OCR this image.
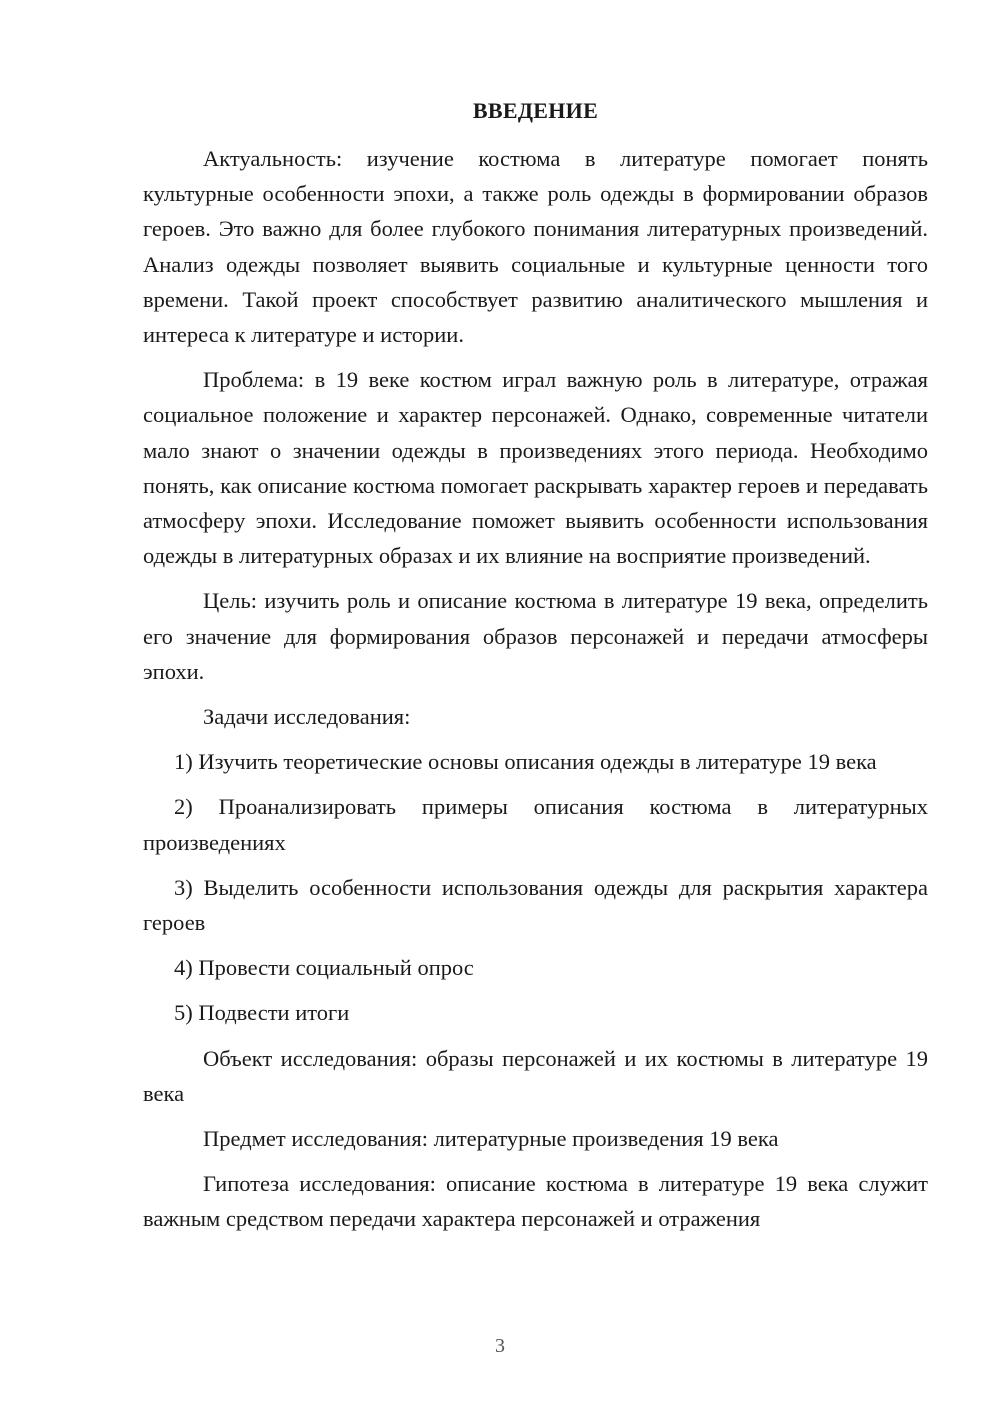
ВВЕДЕНИЕ

Актуальность: изучение костюма в литературе помогает понять культурные особенности эпохи, а также роль одежды в формировании образов героев. Это важно для более глубокого понимания литературных произведений. Анализ одежды позволяет выявить социальные и культурные ценности того времени. Такой проект способствует развитию аналитического мышления и интереса к литературе и истории.

Проблема: в 19 веке костюм играл важную роль в литературе, отражая социальное положение и характер персонажей. Однако, современные читатели мало знают о значении одежды в произведениях этого периода. Необходимо понять, как описание костюма помогает раскрывать характер героев и передавать атмосферу эпохи. Исследование поможет выявить особенности использования одежды в литературных образах и их влияние на восприятие произведений.

Цель: изучить роль и описание костюма в литературе 19 века, определить его значение для формирования образов персонажей и передачи атмосферы эпохи.

Задачи исследования:

1) Изучить теоретические основы описания одежды в литературе 19 века

2) Проанализировать примеры описания костюма в литературных произведениях

3) Выделить особенности использования одежды для раскрытия характера героев

4) Провести социальный опрос

5) Подвести итоги

Объект исследования: образы персонажей и их костюмы в литературе 19 века

Предмет исследования: литературные произведения 19 века

Гипотеза исследования: описание костюма в литературе 19 века служит важным средством передачи характера персонажей и отражения

3
